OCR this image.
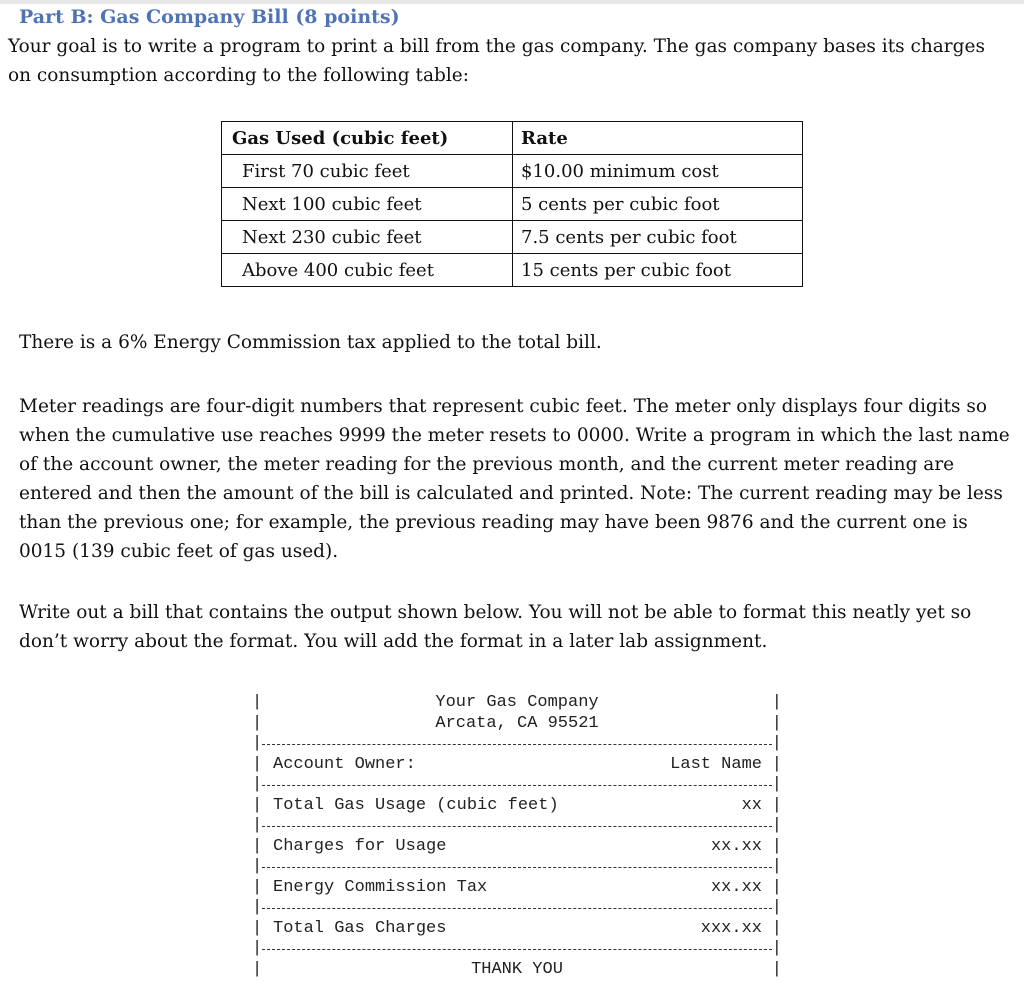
Part B: Gas Company Bill (8 points)

Your goal is to write a program to print a bill from the gas company. The gas company bases its charges on consumption according to the following table:

Gas Used (cubic feet)	Rate
First 70 cubic feet	$10.00 minimum cost
Next 100 cubic feet	5 cents per cubic foot
Next 230 cubic feet	7.5 cents per cubic foot
Above 400 cubic feet	15 cents per cubic foot

There is a 6% Energy Commission tax applied to the total bill.

Meter readings are four-digit numbers that represent cubic feet. The meter only displays four digits so when the cumulative use reaches 9999 the meter resets to 0000. Write a program in which the last name of the account owner, the meter reading for the previous month, and the current meter reading are entered and then the amount of the bill is calculated and printed. Note: The current reading may be less than the previous one; for example, the previous reading may have been 9876 and the current one is 0015 (139 cubic feet of gas used).

Write out a bill that contains the output shown below. You will not be able to format this neatly yet so don’t worry about the format. You will add the format in a later lab assignment.

|	Your Gas Company	|
|	Arcata, CA 95521	|
|	|
| Account Owner:	Last Name |
|	|
| Total Gas Usage (cubic feet)	xx |
|	|
| Charges for Usage	xx.xx |
|	|
| Energy Commission Tax	xx.xx |
|	|
| Total Gas Charges	xxx.xx |
|	|
|	THANK YOU	|
